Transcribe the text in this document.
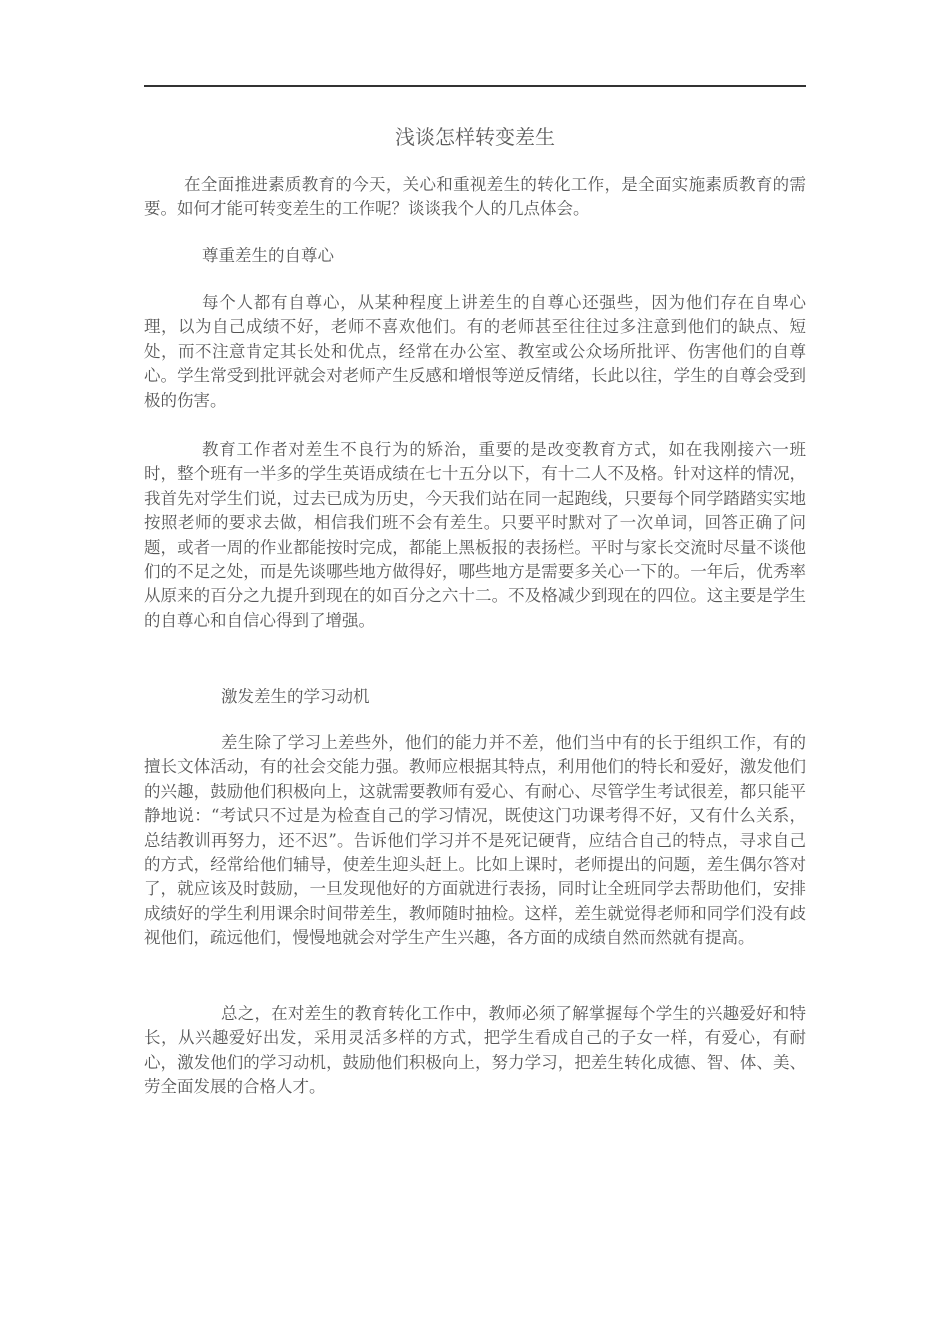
浅谈怎样转变差生

在全面推进素质教育的今天，关心和重视差生的转化工作，是全面实施素质教育的需要。如何才能可转变差生的工作呢？谈谈我个人的几点体会。

尊重差生的自尊心

每个人都有自尊心，从某种程度上讲差生的自尊心还强些，因为他们存在自卑心理，以为自己成绩不好，老师不喜欢他们。有的老师甚至往往过多注意到他们的缺点、短处，而不注意肯定其长处和优点，经常在办公室、教室或公众场所批评、伤害他们的自尊心。学生常受到批评就会对老师产生反感和增恨等逆反情绪，长此以往，学生的自尊会受到极的伤害。

教育工作者对差生不良行为的矫治，重要的是改变教育方式，如在我刚接六一班时，整个班有一半多的学生英语成绩在七十五分以下，有十二人不及格。针对这样的情况，我首先对学生们说，过去已成为历史，今天我们站在同一起跑线，只要每个同学踏踏实实地按照老师的要求去做，相信我们班不会有差生。只要平时默对了一次单词，回答正确了问题，或者一周的作业都能按时完成，都能上黑板报的表扬栏。平时与家长交流时尽量不谈他们的不足之处，而是先谈哪些地方做得好，哪些地方是需要多关心一下的。一年后，优秀率从原来的百分之九提升到现在的如百分之六十二。不及格减少到现在的四位。这主要是学生的自尊心和自信心得到了增强。

激发差生的学习动机

差生除了学习上差些外，他们的能力并不差，他们当中有的长于组织工作，有的擅长文体活动，有的社会交能力强。教师应根据其特点，利用他们的特长和爱好，激发他们的兴趣，鼓励他们积极向上，这就需要教师有爱心、有耐心、尽管学生考试很差，都只能平静地说：“考试只不过是为检查自己的学习情况，既使这门功课考得不好，又有什么关系，总结教训再努力，还不迟”。告诉他们学习并不是死记硬背，应结合自己的特点，寻求自己的方式，经常给他们辅导，使差生迎头赶上。比如上课时，老师提出的问题，差生偶尔答对了，就应该及时鼓励，一旦发现他好的方面就进行表扬，同时让全班同学去帮助他们，安排成绩好的学生利用课余时间带差生，教师随时抽检。这样，差生就觉得老师和同学们没有歧视他们，疏远他们，慢慢地就会对学生产生兴趣，各方面的成绩自然而然就有提高。

总之，在对差生的教育转化工作中，教师必须了解掌握每个学生的兴趣爱好和特长，从兴趣爱好出发，采用灵活多样的方式，把学生看成自己的子女一样，有爱心，有耐心，激发他们的学习动机，鼓励他们积极向上，努力学习，把差生转化成德、智、体、美、劳全面发展的合格人才。
